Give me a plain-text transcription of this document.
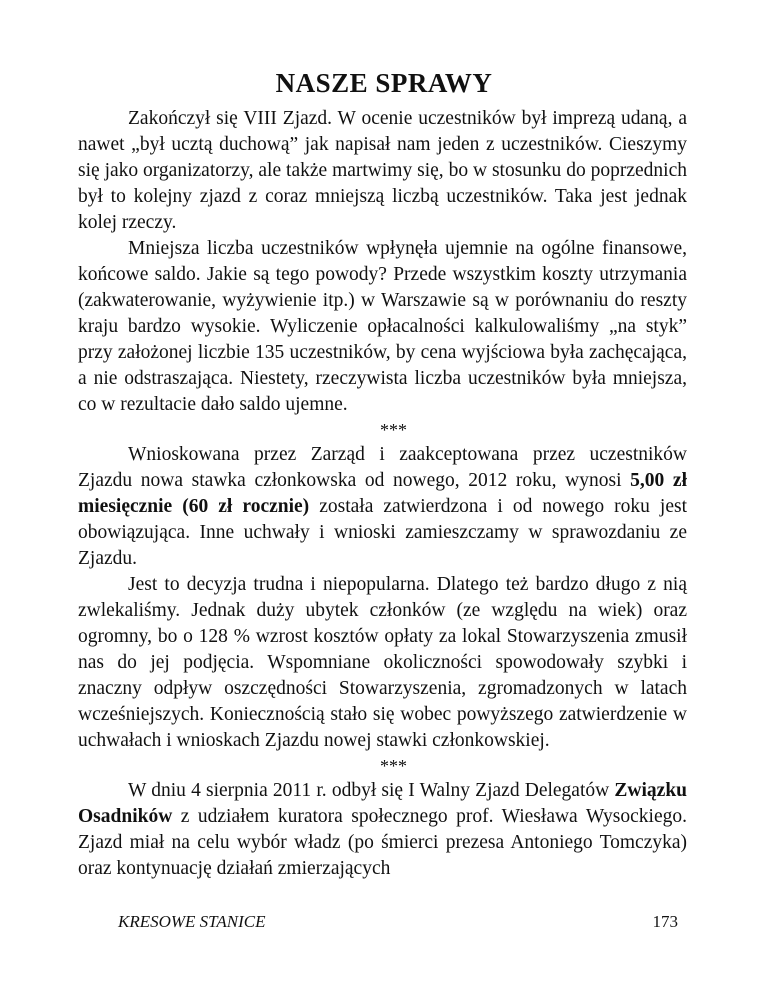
NASZE SPRAWY

Zakończył się VIII Zjazd. W ocenie uczestników był imprezą udaną, a nawet „był ucztą duchową” jak napisał nam jeden z uczestników. Cieszymy się jako organizatorzy, ale także martwimy się, bo w stosunku do poprzednich był to kolejny zjazd z coraz mniejszą liczbą uczestników. Taka jest jednak kolej rzeczy.

Mniejsza liczba uczestników wpłynęła ujemnie na ogólne finansowe, końcowe saldo. Jakie są tego powody? Przede wszystkim koszty utrzymania (zakwaterowanie, wyżywienie itp.) w Warszawie są w porównaniu do reszty kraju bardzo wysokie. Wyliczenie opłacalności kalkulowaliśmy „na styk” przy założonej liczbie 135 uczestników, by cena wyjściowa była zachęcająca, a nie odstraszająca. Niestety, rzeczywista liczba uczestników była mniejsza, co w rezultacie dało saldo ujemne.

***

Wnioskowana przez Zarząd i zaakceptowana przez uczestników Zjazdu nowa stawka członkowska od nowego, 2012 roku, wynosi 5,00 zł miesięcznie (60 zł rocznie) została zatwierdzona i od nowego roku jest obowiązująca. Inne uchwały i wnioski zamieszczamy w sprawozdaniu ze Zjazdu.

Jest to decyzja trudna i niepopularna. Dlatego też bardzo długo z nią zwlekaliśmy. Jednak duży ubytek członków (ze względu na wiek) oraz ogromny, bo o 128 % wzrost kosztów opłaty za lokal Stowarzyszenia zmusił nas do jej podjęcia. Wspomniane okoliczności spowodowały szybki i znaczny odpływ oszczędności Stowarzyszenia, zgromadzonych w latach wcześniejszych. Koniecznością stało się wobec powyższego zatwierdzenie w uchwałach i wnioskach Zjazdu nowej stawki członkowskiej.

***

W dniu 4 sierpnia 2011 r. odbył się I Walny Zjazd Delegatów Związku Osadników z udziałem kuratora społecznego prof. Wiesława Wysockiego. Zjazd miał na celu wybór władz (po śmierci prezesa Antoniego Tomczyka) oraz kontynuację działań zmierzających

KRESOWE STANICE	173
